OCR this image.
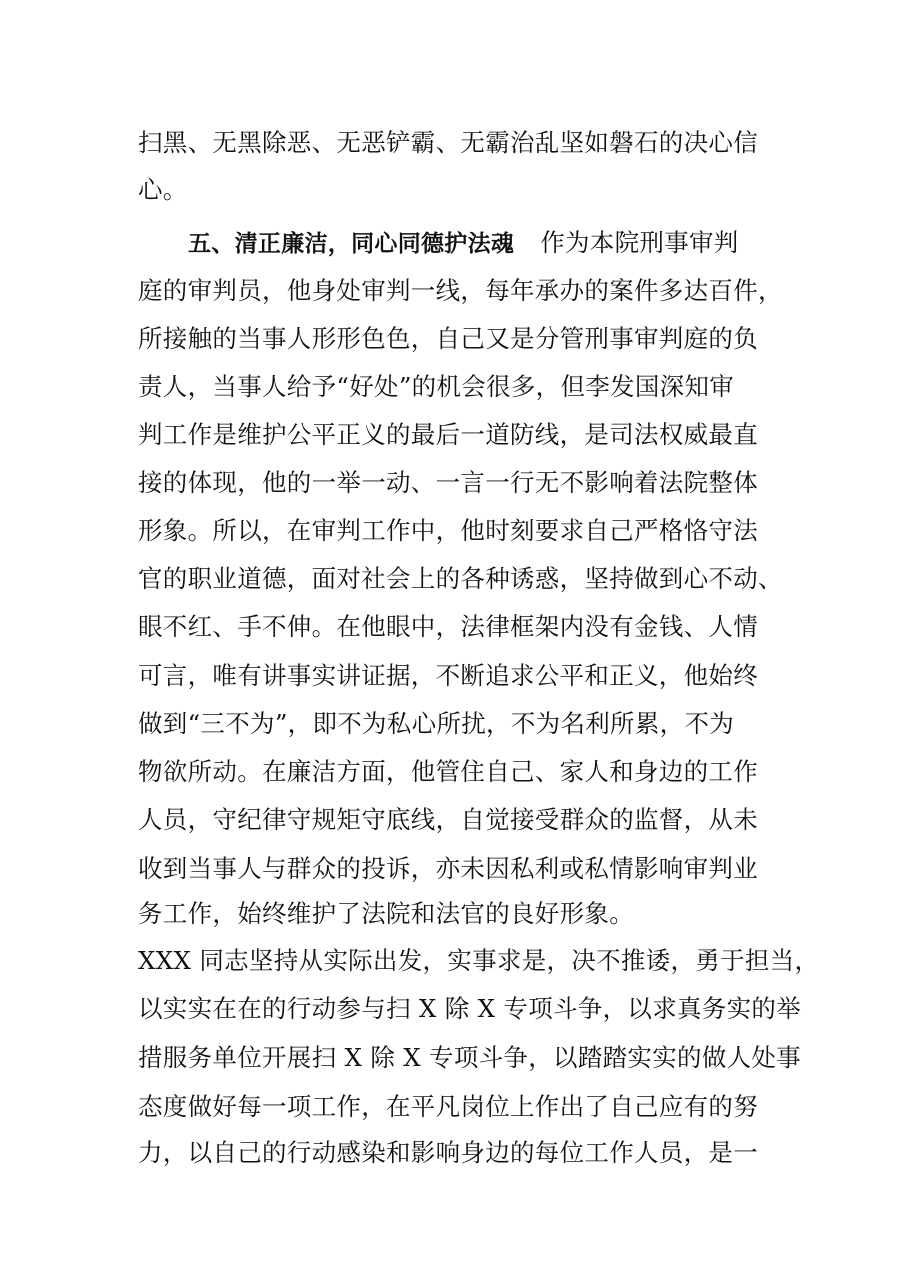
扫黑、无黑除恶、无恶铲霸、无霸治乱坚如磐石的决心信
心。
五、清正廉洁，同心同德护法魂 作为本院刑事审判
庭的审判员，他身处审判一线，每年承办的案件多达百件，
所接触的当事人形形色色，自己又是分管刑事审判庭的负
责人，当事人给予“好处”的机会很多，但李发国深知审
判工作是维护公平正义的最后一道防线，是司法权威最直
接的体现，他的一举一动、一言一行无不影响着法院整体
形象。所以，在审判工作中，他时刻要求自己严格恪守法
官的职业道德，面对社会上的各种诱惑，坚持做到心不动、
眼不红、手不伸。在他眼中，法律框架内没有金钱、人情
可言，唯有讲事实讲证据，不断追求公平和正义，他始终
做到“三不为”，即不为私心所扰，不为名利所累，不为
物欲所动。在廉洁方面，他管住自己、家人和身边的工作
人员，守纪律守规矩守底线，自觉接受群众的监督，从未
收到当事人与群众的投诉，亦未因私利或私情影响审判业
务工作，始终维护了法院和法官的良好形象。
XXX 同志坚持从实际出发，实事求是，决不推诿，勇于担当，
以实实在在的行动参与扫 X 除 X 专项斗争，以求真务实的举
措服务单位开展扫 X 除 X 专项斗争，以踏踏实实的做人处事
态度做好每一项工作，在平凡岗位上作出了自己应有的努
力，以自己的行动感染和影响身边的每位工作人员，是一
